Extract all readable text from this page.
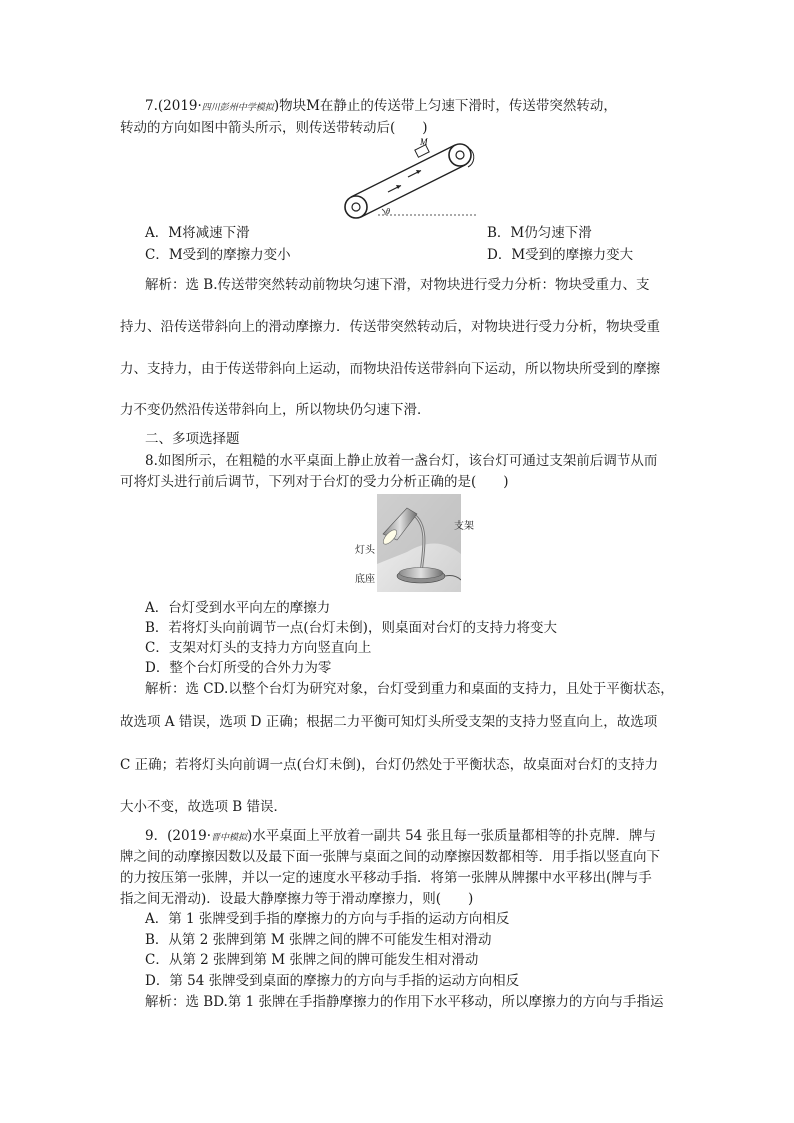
7.(2019·四川彭州中学模拟)物块M在静止的传送带上匀速下滑时，传送带突然转动，
转动的方向如图中箭头所示，则传送带转动后(　　)
M
θ
A．M将减速下滑	B．M仍匀速下滑
C．M受到的摩擦力变小	D．M受到的摩擦力变大
解析：选 B.传送带突然转动前物块匀速下滑，对物块进行受力分析：物块受重力、支
持力、沿传送带斜向上的滑动摩擦力．传送带突然转动后，对物块进行受力分析，物块受重
力、支持力，由于传送带斜向上运动，而物块沿传送带斜向下运动，所以物块所受到的摩擦
力不变仍然沿传送带斜向上，所以物块仍匀速下滑．
二、多项选择题
8.如图所示，在粗糙的水平桌面上静止放着一盏台灯，该台灯可通过支架前后调节从而
可将灯头进行前后调节，下列对于台灯的受力分析正确的是(　　)
支架
灯头
底座
A．台灯受到水平向左的摩擦力
B．若将灯头向前调节一点(台灯未倒)，则桌面对台灯的支持力将变大
C．支架对灯头的支持力方向竖直向上
D．整个台灯所受的合外力为零
解析：选 CD.以整个台灯为研究对象，台灯受到重力和桌面的支持力，且处于平衡状态，
故选项 A 错误，选项 D 正确；根据二力平衡可知灯头所受支架的支持力竖直向上，故选项
C 正确；若将灯头向前调一点(台灯未倒)，台灯仍然处于平衡状态，故桌面对台灯的支持力
大小不变，故选项 B 错误．
9．(2019·晋中模拟)水平桌面上平放着一副共 54 张且每一张质量都相等的扑克牌．牌与
牌之间的动摩擦因数以及最下面一张牌与桌面之间的动摩擦因数都相等．用手指以竖直向下
的力按压第一张牌，并以一定的速度水平移动手指．将第一张牌从牌摞中水平移出(牌与手
指之间无滑动)．设最大静摩擦力等于滑动摩擦力，则(　　)
A．第 1 张牌受到手指的摩擦力的方向与手指的运动方向相反
B．从第 2 张牌到第 M 张牌之间的牌不可能发生相对滑动
C．从第 2 张牌到第 M 张牌之间的牌可能发生相对滑动
D．第 54 张牌受到桌面的摩擦力的方向与手指的运动方向相反
解析：选 BD.第 1 张牌在手指静摩擦力的作用下水平移动，所以摩擦力的方向与手指运
